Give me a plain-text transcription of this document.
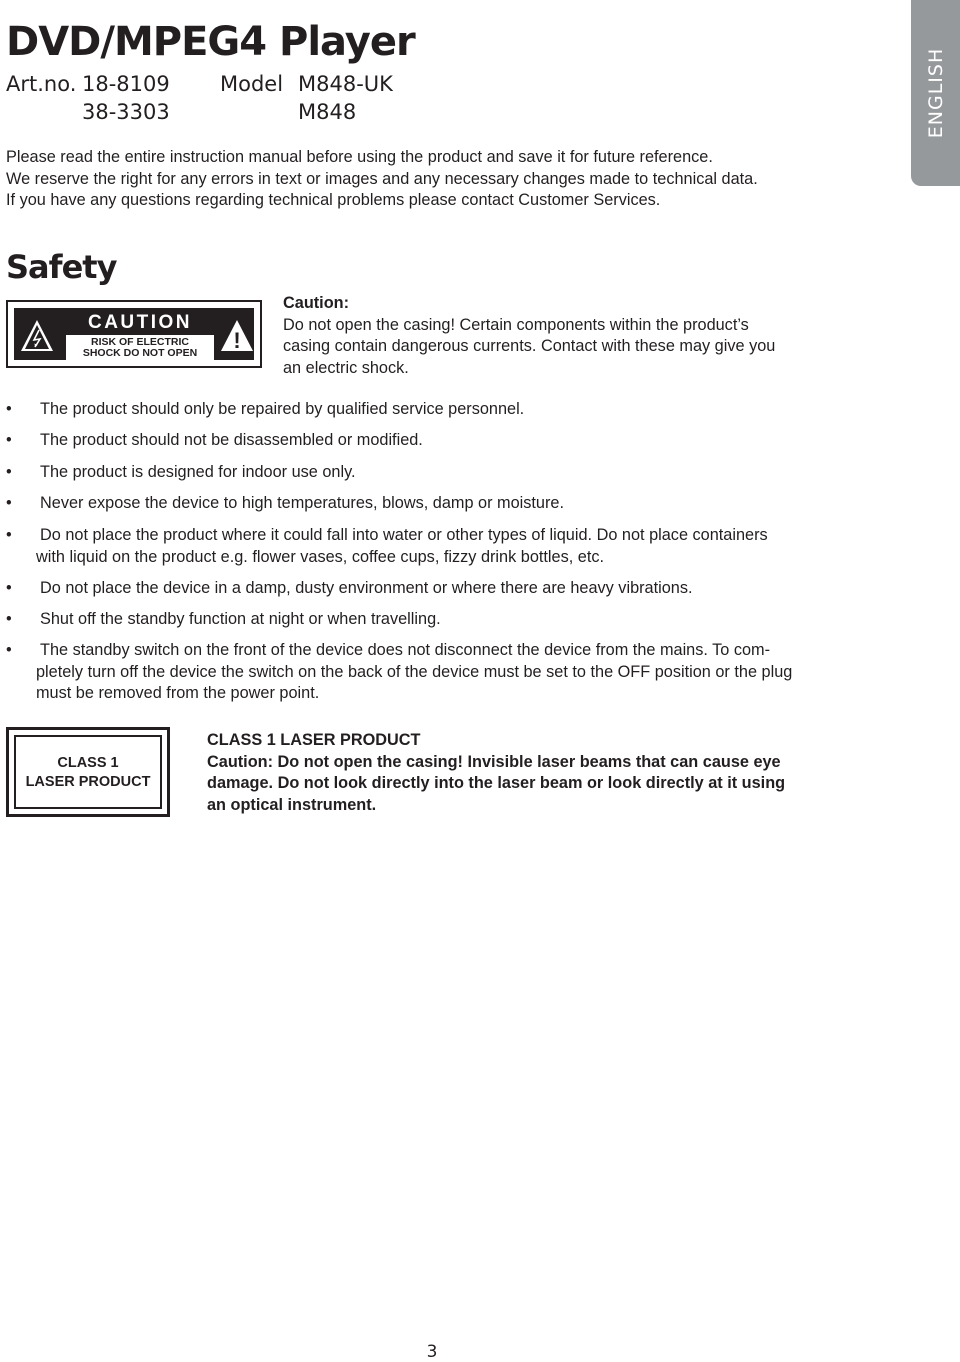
DVD/MPEG4 Player
Art.no. 18-8109
38-3303
Model M848-UK
M848	ENGLISH
Please read the entire instruction manual before using the product and save it for future reference.
We reserve the right for any errors in text or images and any necessary changes made to technical data.
If you have any questions regarding technical problems please contact Customer Services.
Safety
CAUTION
RISK OF ELECTRIC
SHOCK DO NOT OPEN	!
Caution:
Do not open the casing! Certain components within the product’s
casing contain dangerous currents. Contact with these may give you
an electric shock.
• The product should only be repaired by qualified service personnel.
• The product should not be disassembled or modified.
• The product is designed for indoor use only.
• Never expose the device to high temperatures, blows, damp or moisture.
• Do not place the product where it could fall into water or other types of liquid. Do not place containers
with liquid on the product e.g. flower vases, coffee cups, fizzy drink bottles, etc.
• Do not place the device in a damp, dusty environment or where there are heavy vibrations.
• Shut off the standby function at night or when travelling.
• The standby switch on the front of the device does not disconnect the device from the mains. To com-
pletely turn off the device the switch on the back of the device must be set to the OFF position or the plug
must be removed from the power point.
CLASS 1
LASER PRODUCT
CLASS 1 LASER PRODUCT
Caution: Do not open the casing! Invisible laser beams that can cause eye
damage. Do not look directly into the laser beam or look directly at it using
an optical instrument.
3
